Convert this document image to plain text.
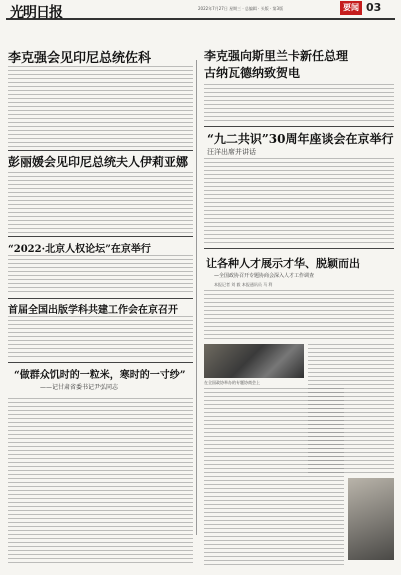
光明日报	2022年7月27日 星期三 · 总编辑 · 头版 · 第3版	要闻 03
李克强会见印尼总统佐科
彭丽媛会见印尼总统夫人伊莉亚娜
“2022·北京人权论坛”在京举行
首届全国出版学科共建工作会在京召开
“做群众饥时的一粒米，寒时的一寸纱”
——记甘肃省委书记尹弘同志
李克强向斯里兰卡新任总理
古纳瓦德纳致贺电
“九二共识”30周年座谈会在京举行
汪洋出席并讲话
让各种人才展示才华、脱颖而出
—全国政协召开专题协商会深入人才工作调查
本报记者 刘 毅 本报通讯员 马 利
在全国政协举办的专题协商会上
